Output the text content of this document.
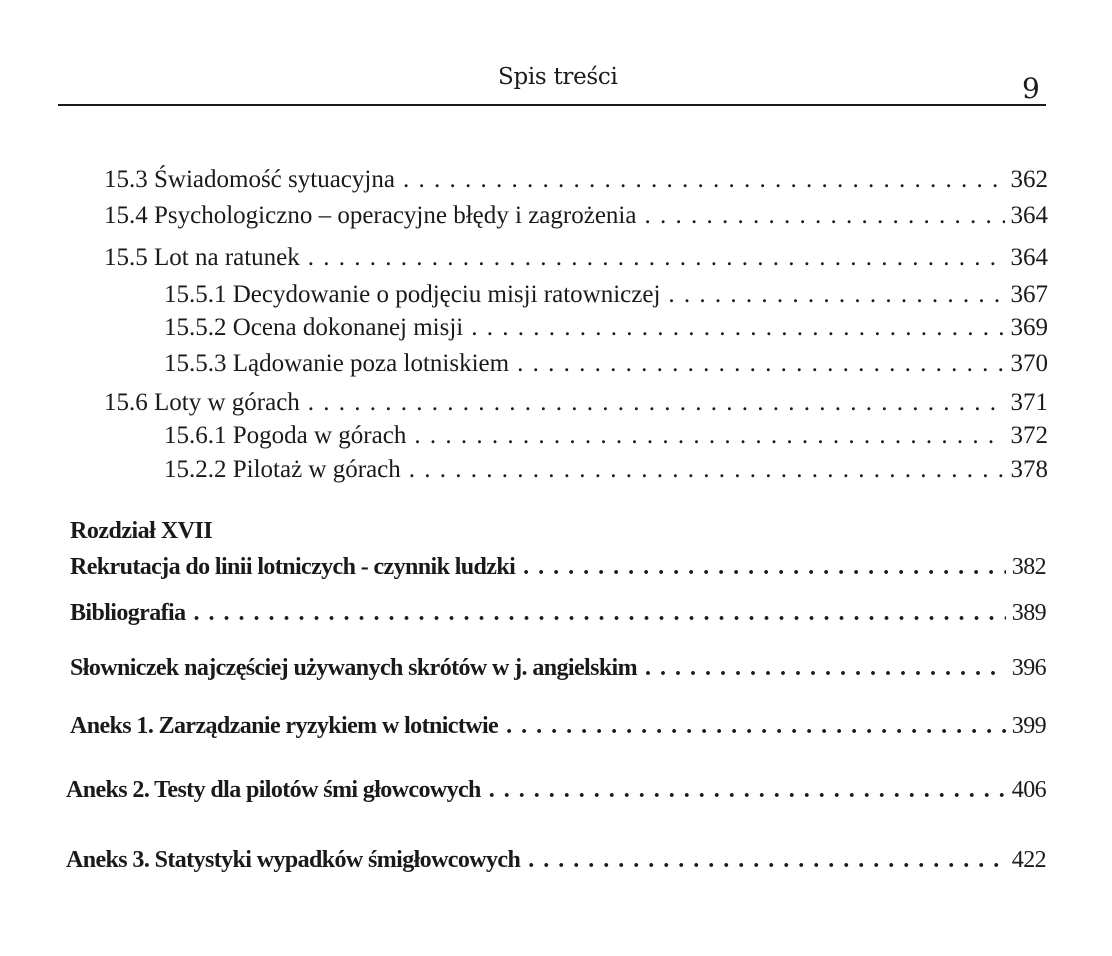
Spis treści	9
15.3 Świadomość sytuacyjna . . .	362
15.4 Psychologiczno – operacyjne błędy i zagrożenia . . .	364
15.5 Lot na ratunek . . .	364
15.5.1 Decydowanie o podjęciu misji ratowniczej . . .	367
15.5.2 Ocena dokonanej misji . . .	369
15.5.3 Lądowanie poza lotniskiem . . .	370
15.6 Loty w górach . . .	371
15.6.1 Pogoda w górach . . .	372
15.2.2 Pilotaż w górach . . .	378
Rozdział XVII
Rekrutacja do linii lotniczych - czynnik ludzki . . .	382
Bibliografia . . .	389
Słowniczek najczęściej używanych skrótów w j. angielskim . . .	396
Aneks 1. Zarządzanie ryzykiem w lotnictwie . . .	399
Aneks 2. Testy dla pilotów śmi głowcowych . . .	406
Aneks 3. Statystyki wypadków śmigłowcowych . . .	422
